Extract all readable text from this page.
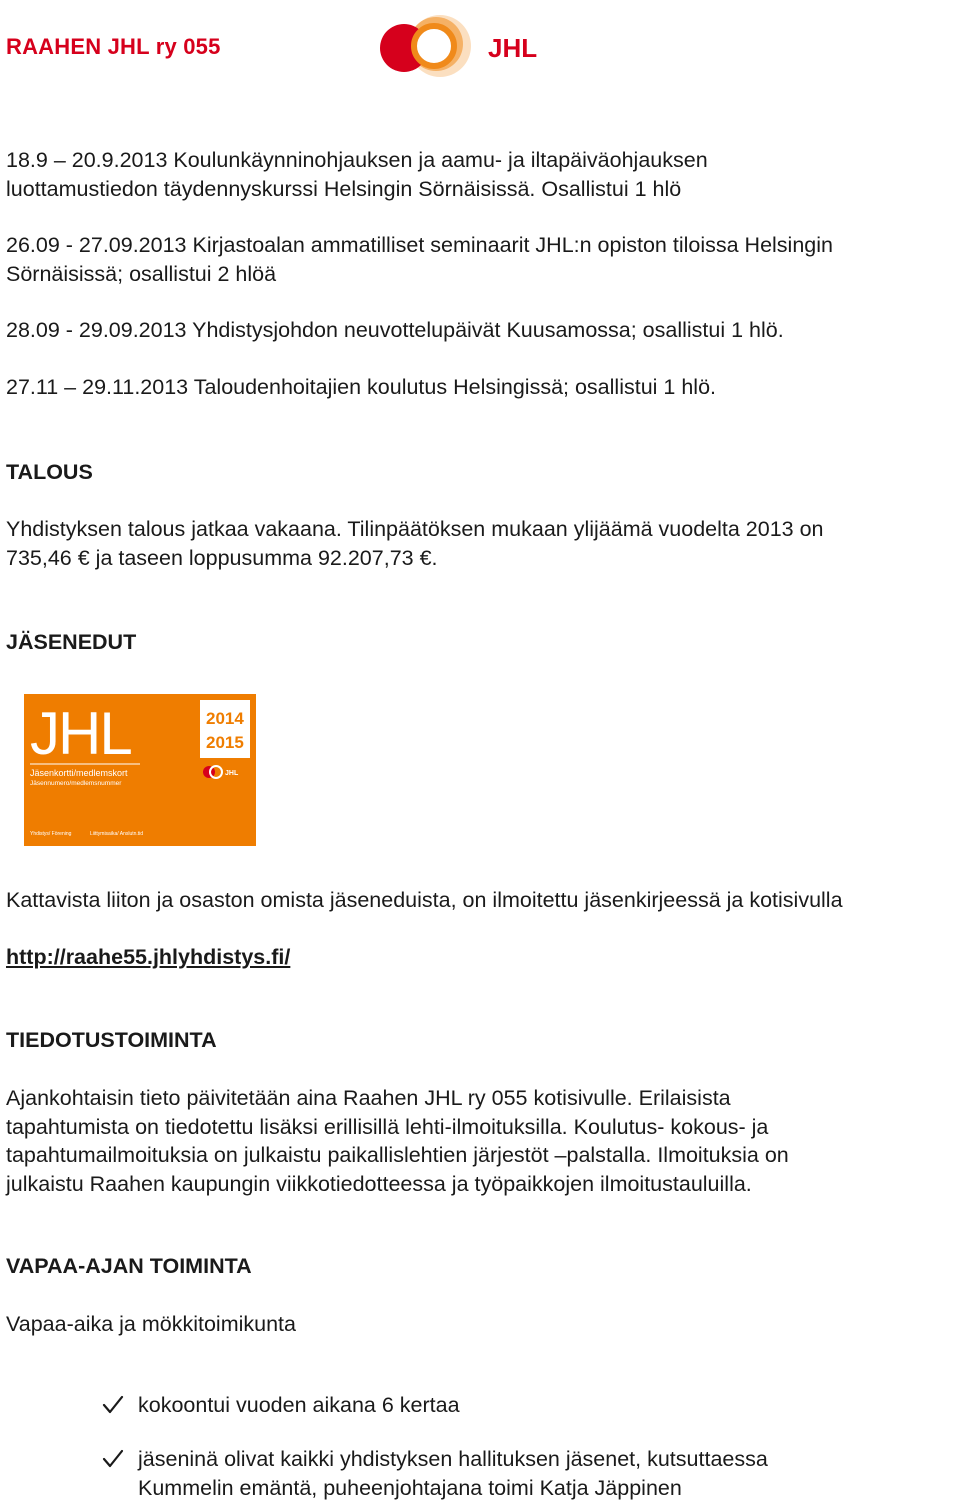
RAAHEN JHL ry 055	JHL

18.9 – 20.9.2013 Koulunkäynninohjauksen ja aamu- ja iltapäiväohjauksen
luottamustiedon täydennyskurssi Helsingin Sörnäisissä. Osallistui 1 hlö

26.09 - 27.09.2013 Kirjastoalan ammatilliset seminaarit JHL:n opiston tiloissa Helsingin
Sörnäisissä; osallistui 2 hlöä

28.09 - 29.09.2013 Yhdistysjohdon neuvottelupäivät Kuusamossa; osallistui 1 hlö.

27.11 – 29.11.2013 Taloudenhoitajien koulutus Helsingissä; osallistui 1 hlö.

TALOUS

Yhdistyksen talous jatkaa vakaana. Tilinpäätöksen mukaan ylijäämä vuodelta 2013 on
735,46 € ja taseen loppusumma 92.207,73 €.

JÄSENEDUT
JHL	2014
2015
Jäsenkortti/medlemskort
Jäsennumero/medlemsnummer
JHL
Yhdistys/ Förening	Liittymisaika/ Anslutn.tid

Kattavista liiton ja osaston omista jäseneduista, on ilmoitettu jäsenkirjeessä ja kotisivulla

http://raahe55.jhlyhdistys.fi/
TIEDOTUSTOIMINTA

Ajankohtaisin tieto päivitetään aina Raahen JHL ry 055 kotisivulle. Erilaisista
tapahtumista on tiedotettu lisäksi erillisillä lehti-ilmoituksilla. Koulutus- kokous- ja
tapahtumailmoituksia on julkaistu paikallislehtien järjestöt –palstalla. Ilmoituksia on
julkaistu Raahen kaupungin viikkotiedotteessa ja työpaikkojen ilmoitustauluilla.

VAPAA-AJAN TOIMINTA

Vapaa-aika ja mökkitoimikunta

kokoontui vuoden aikana 6 kertaa
jäseninä olivat kaikki yhdistyksen hallituksen jäsenet, kutsuttaessa
Kummelin emäntä, puheenjohtajana toimi Katja Jäppinen
